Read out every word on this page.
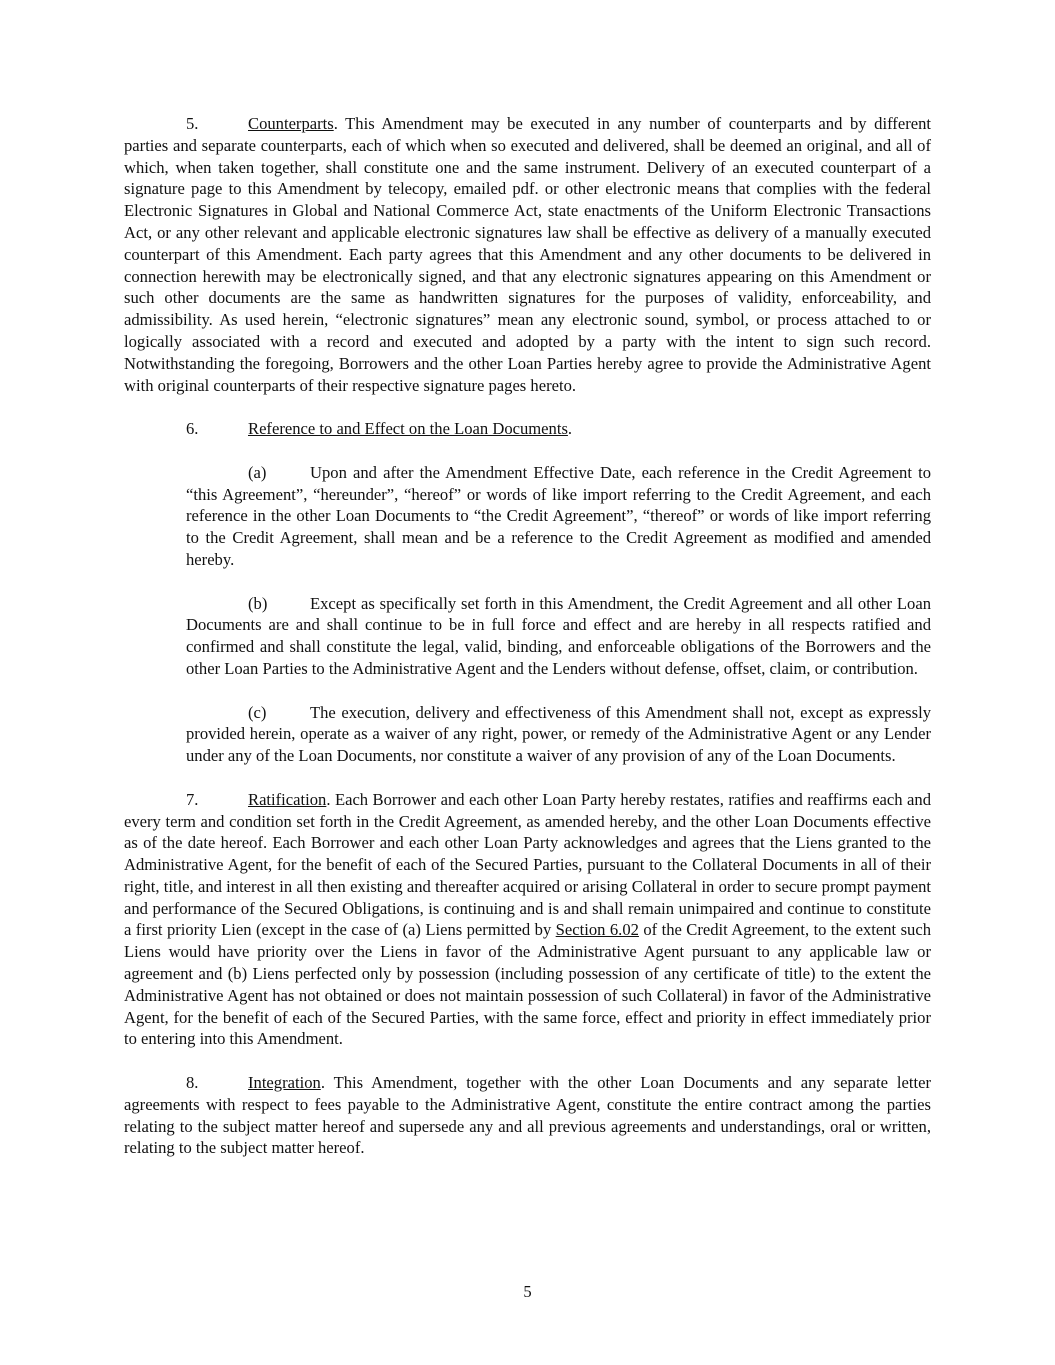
5.	Counterparts. This Amendment may be executed in any number of counterparts and by different parties and separate counterparts, each of which when so executed and delivered, shall be deemed an original, and all of which, when taken together, shall constitute one and the same instrument. Delivery of an executed counterpart of a signature page to this Amendment by telecopy, emailed pdf. or other electronic means that complies with the federal Electronic Signatures in Global and National Commerce Act, state enactments of the Uniform Electronic Transactions Act, or any other relevant and applicable electronic signatures law shall be effective as delivery of a manually executed counterpart of this Amendment. Each party agrees that this Amendment and any other documents to be delivered in connection herewith may be electronically signed, and that any electronic signatures appearing on this Amendment or such other documents are the same as handwritten signatures for the purposes of validity, enforceability, and admissibility. As used herein, “electronic signatures” mean any electronic sound, symbol, or process attached to or logically associated with a record and executed and adopted by a party with the intent to sign such record. Notwithstanding the foregoing, Borrowers and the other Loan Parties hereby agree to provide the Administrative Agent with original counterparts of their respective signature pages hereto.

6.	Reference to and Effect on the Loan Documents.

(a)	Upon and after the Amendment Effective Date, each reference in the Credit Agreement to “this Agreement”, “hereunder”, “hereof” or words of like import referring to the Credit Agreement, and each reference in the other Loan Documents to “the Credit Agreement”, “thereof” or words of like import referring to the Credit Agreement, shall mean and be a reference to the Credit Agreement as modified and amended hereby.

(b)	Except as specifically set forth in this Amendment, the Credit Agreement and all other Loan Documents are and shall continue to be in full force and effect and are hereby in all respects ratified and confirmed and shall constitute the legal, valid, binding, and enforceable obligations of the Borrowers and the other Loan Parties to the Administrative Agent and the Lenders without defense, offset, claim, or contribution.

(c)	The execution, delivery and effectiveness of this Amendment shall not, except as expressly provided herein, operate as a waiver of any right, power, or remedy of the Administrative Agent or any Lender under any of the Loan Documents, nor constitute a waiver of any provision of any of the Loan Documents.

7.	Ratification. Each Borrower and each other Loan Party hereby restates, ratifies and reaffirms each and every term and condition set forth in the Credit Agreement, as amended hereby, and the other Loan Documents effective as of the date hereof. Each Borrower and each other Loan Party acknowledges and agrees that the Liens granted to the Administrative Agent, for the benefit of each of the Secured Parties, pursuant to the Collateral Documents in all of their right, title, and interest in all then existing and thereafter acquired or arising Collateral in order to secure prompt payment and performance of the Secured Obligations, is continuing and is and shall remain unimpaired and continue to constitute a first priority Lien (except in the case of (a) Liens permitted by Section 6.02 of the Credit Agreement, to the extent such Liens would have priority over the Liens in favor of the Administrative Agent pursuant to any applicable law or agreement and (b) Liens perfected only by possession (including possession of any certificate of title) to the extent the Administrative Agent has not obtained or does not maintain possession of such Collateral) in favor of the Administrative Agent, for the benefit of each of the Secured Parties, with the same force, effect and priority in effect immediately prior to entering into this Amendment.

8.	Integration. This Amendment, together with the other Loan Documents and any separate letter agreements with respect to fees payable to the Administrative Agent, constitute the entire contract among the parties relating to the subject matter hereof and supersede any and all previous agreements and understandings, oral or written, relating to the subject matter hereof.

5
